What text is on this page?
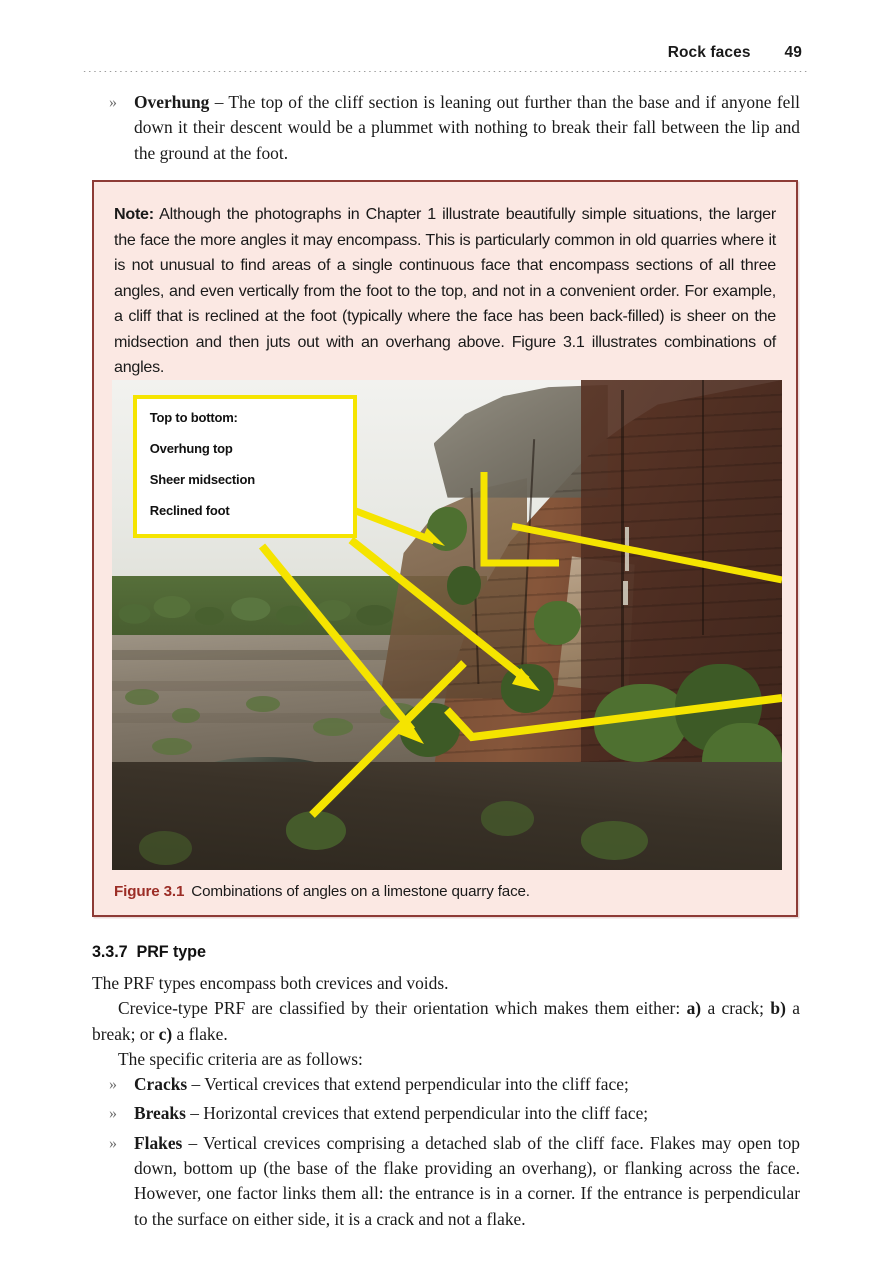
Rock faces 49
» Overhung – The top of the cliff section is leaning out further than the base and if anyone fell down it their descent would be a plummet with nothing to break their fall between the lip and the ground at the foot.
Note: Although the photographs in Chapter 1 illustrate beautifully simple situations, the larger the face the more angles it may encompass. This is particularly common in old quarries where it is not unusual to find areas of a single continuous face that encompass sections of all three angles, and even vertically from the foot to the top, and not in a convenient order. For example, a cliff that is reclined at the foot (typically where the face has been back-filled) is sheer on the midsection and then juts out with an overhang above. Figure 3.1 illustrates combinations of angles.
Top to bottom:
Overhung top
Sheer midsection
Reclined foot
Figure 3.1 Combinations of angles on a limestone quarry face.
3.3.7 PRF type

The PRF types encompass both crevices and voids.

Crevice-type PRF are classified by their orientation which makes them either: a) a crack; b) a break; or c) a flake.

The specific criteria are as follows:

» Cracks – Vertical crevices that extend perpendicular into the cliff face;
» Breaks – Horizontal crevices that extend perpendicular into the cliff face;
» Flakes – Vertical crevices comprising a detached slab of the cliff face. Flakes may open top down, bottom up (the base of the flake providing an overhang), or flanking across the face. However, one factor links them all: the entrance is in a corner. If the entrance is perpendicular to the surface on either side, it is a crack and not a flake.
